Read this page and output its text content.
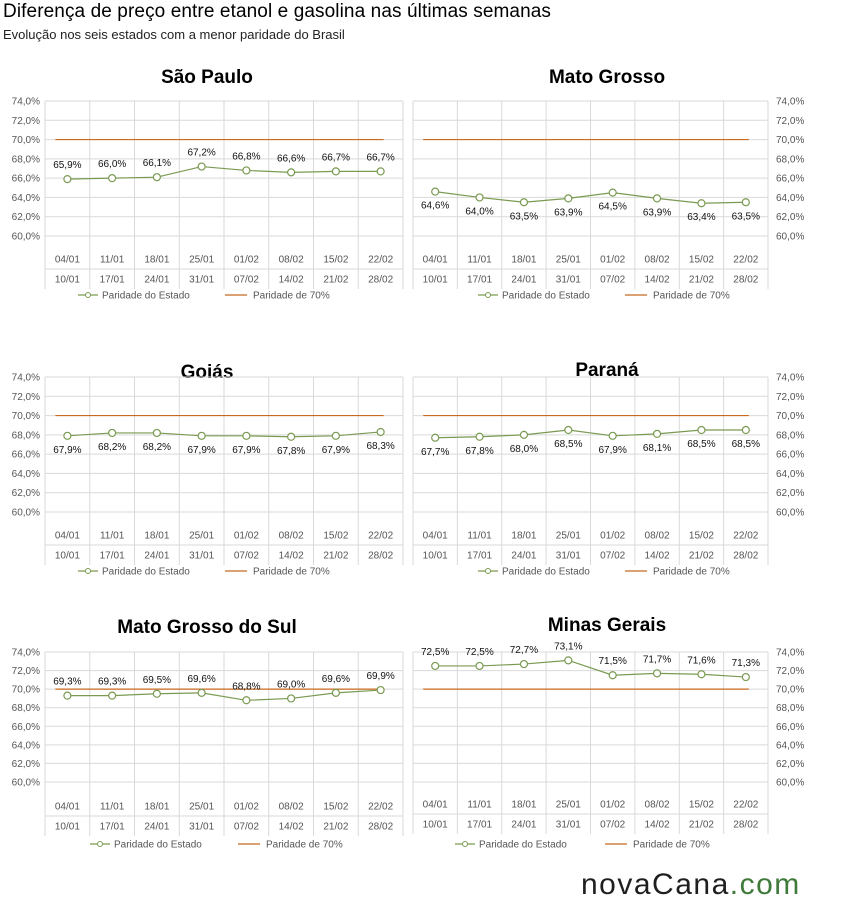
Diferença de preço entre etanol e gasolina nas últimas semanas

Evolução nos seis estados com a menor paridade do Brasil

São Paulo
60,0%
62,0%
64,0%
66,0%
68,0%
70,0%
72,0%
74,0%
04/01
10/01
11/01
17/01
18/01
24/01
25/01
31/01
01/02
07/02
08/02
14/02
15/02
21/02
22/02
28/02
65,9% 66,0% 66,1%
67,2% 66,8% 66,6% 66,7% 66,7%
Paridade do Estado	Paridade de 70%
Mato Grosso
60,0%
62,0%
64,0%
66,0%
68,0%
70,0%
72,0%
74,0%
04/01
10/01
11/01
17/01
18/01
24/01
25/01
31/01
01/02
07/02
08/02
14/02
15/02
21/02
22/02
28/02
64,6%
64,0% 63,5% 63,9%
64,5%
63,9% 63,4% 63,5%
Paridade do Estado	Paridade de 70%
Goiás
60,0%
62,0%
64,0%
66,0%
68,0%
70,0%
72,0%
74,0%
04/01
10/01
11/01
17/01
18/01
24/01
25/01
31/01
01/02
07/02
08/02
14/02
15/02
21/02
22/02
28/02
67,9% 68,2% 68,2% 67,9% 67,9% 67,8% 67,9% 68,3%
Paridade do Estado	Paridade de 70%
Paraná
60,0%
62,0%
64,0%
66,0%
68,0%
70,0%
72,0%
74,0%
04/01
10/01
11/01
17/01
18/01
24/01
25/01
31/01
01/02
07/02
08/02
14/02
15/02
21/02
22/02
28/02
67,7% 67,8% 68,0% 68,5%
67,9% 68,1% 68,5% 68,5%
Paridade do Estado	Paridade de 70%
Mato Grosso do Sul
60,0%
62,0%
64,0%
66,0%
68,0%
70,0%
72,0%
74,0%
04/01
10/01
11/01
17/01
18/01
24/01
25/01
31/01
01/02
07/02
08/02
14/02
15/02
21/02
22/02
28/02
69,3% 69,3% 69,5% 69,6%
68,8% 69,0%
69,6% 69,9%
Paridade do Estado	Paridade de 70%
Minas Gerais
60,0%
62,0%
64,0%
66,0%
68,0%
70,0%
72,0%
74,0%
04/01
10/01
11/01
17/01
18/01
24/01
25/01
31/01
01/02
07/02
08/02
14/02
15/02
21/02
22/02
28/02
72,5% 72,5% 72,7% 73,1%
71,5% 71,7% 71,6% 71,3%
Paridade do Estado	Paridade de 70%
novaCana.com
